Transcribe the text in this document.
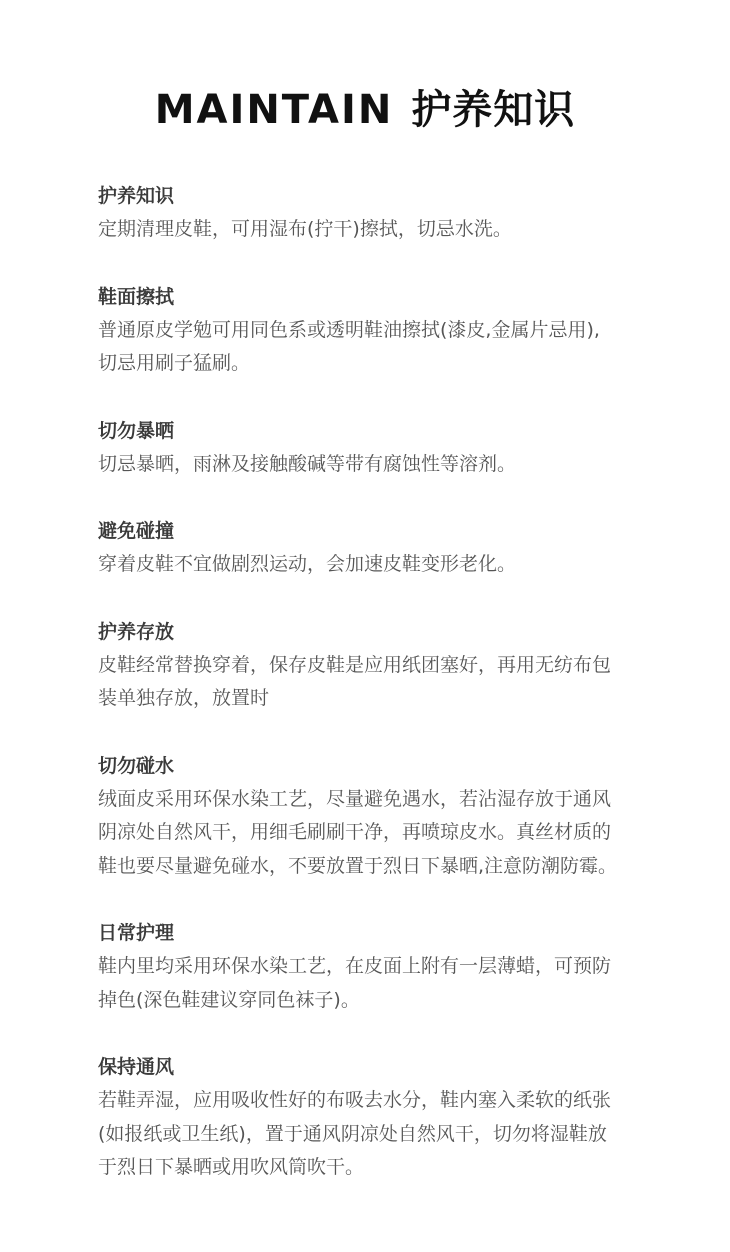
MAINTAIN 护养知识
护养知识
定期清理皮鞋，可用湿布(拧干)擦拭，切忌水洗。
鞋面擦拭
普通原皮学勉可用同色系或透明鞋油擦拭(漆皮,金属片忌用),
切忌用刷子猛刷。
切勿暴晒
切忌暴晒，雨淋及接触酸碱等带有腐蚀性等溶剂。
避免碰撞
穿着皮鞋不宜做剧烈运动，会加速皮鞋变形老化。
护养存放
皮鞋经常替换穿着，保存皮鞋是应用纸团塞好，再用无纺布包
装单独存放，放置时
切勿碰水
绒面皮采用环保水染工艺，尽量避免遇水，若沾湿存放于通风
阴凉处自然风干，用细毛刷刷干净，再喷琼皮水。真丝材质的
鞋也要尽量避免碰水，不要放置于烈日下暴晒,注意防潮防霉。
日常护理
鞋内里均采用环保水染工艺，在皮面上附有一层薄蜡，可预防
掉色(深色鞋建议穿同色袜子)。
保持通风
若鞋弄湿，应用吸收性好的布吸去水分，鞋内塞入柔软的纸张
(如报纸或卫生纸)，置于通风阴凉处自然风干，切勿将湿鞋放
于烈日下暴晒或用吹风筒吹干。
